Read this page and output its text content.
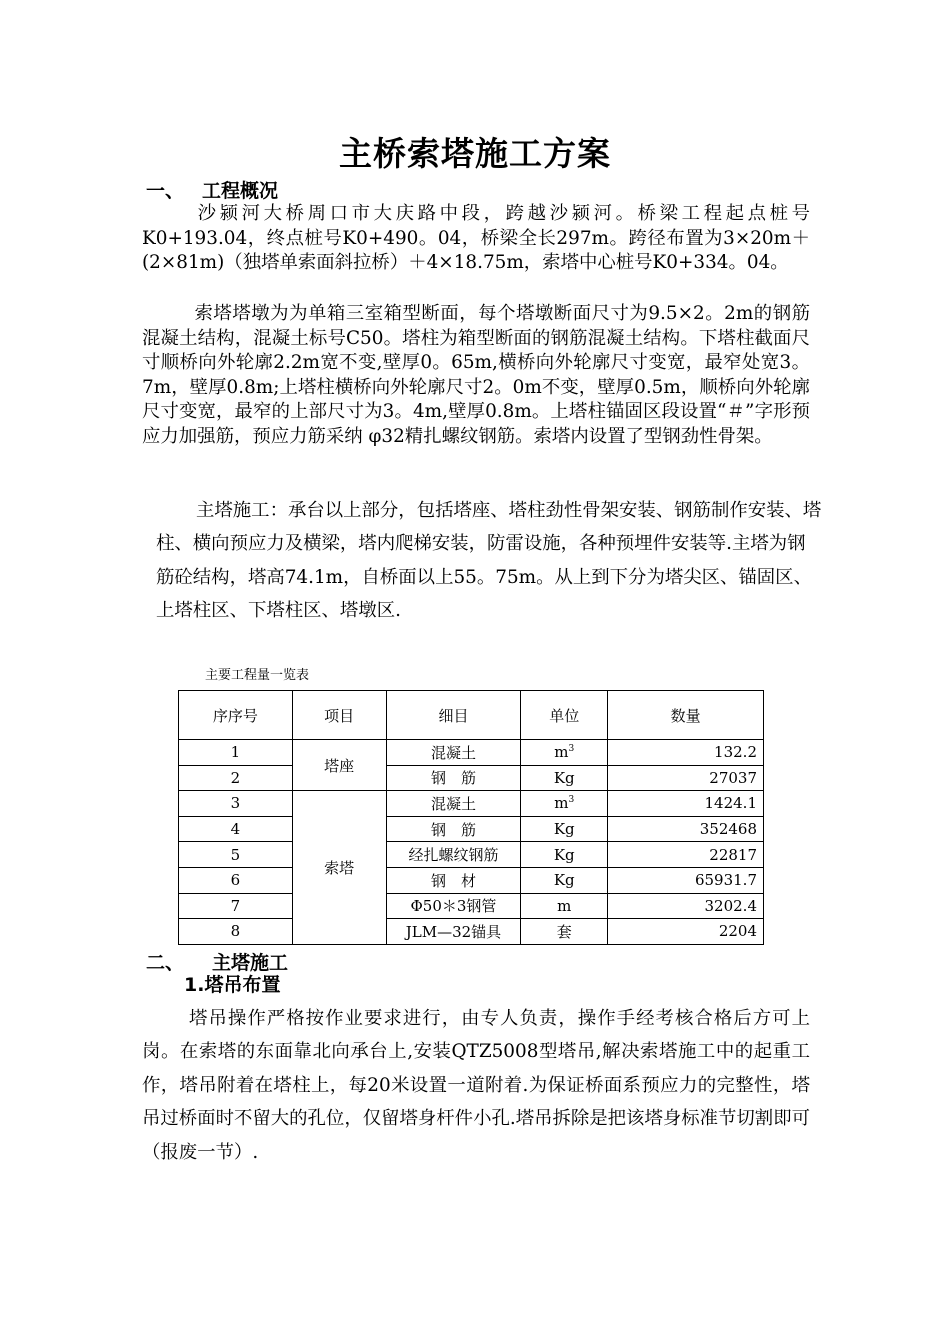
主桥索塔施工方案
一、 工程概况

沙颍河大桥周口市大庆路中段，跨越沙颍河。桥梁工程起点桩号K0+193.04，终点桩号K0+490。04，桥梁全长297m。跨径布置为3×20m＋(2×81m)（独塔单索面斜拉桥）＋4×18.75m，索塔中心桩号K0+334。04。

索塔塔墩为为单箱三室箱型断面，每个塔墩断面尺寸为9.5×2。2m的钢筋混凝土结构，混凝土标号C50。塔柱为箱型断面的钢筋混凝土结构。下塔柱截面尺寸顺桥向外轮廓2.2m宽不变,壁厚0。65m,横桥向外轮廓尺寸变宽，最窄处宽3。7m，壁厚0.8m;上塔柱横桥向外轮廓尺寸2。0m不变，壁厚0.5m，顺桥向外轮廓尺寸变宽，最窄的上部尺寸为3。4m,壁厚0.8m。上塔柱锚固区段设置“＃”字形预应力加强筋，预应力筋采纳 φ32精扎螺纹钢筋。索塔内设置了型钢劲性骨架。

主塔施工：承台以上部分，包括塔座、塔柱劲性骨架安装、钢筋制作安装、塔柱、横向预应力及横梁，塔内爬梯安装，防雷设施，各种预埋件安装等.主塔为钢筋砼结构，塔高74.1m，自桥面以上55。75m。从上到下分为塔尖区、锚固区、上塔柱区、下塔柱区、塔墩区.

主要工程量一览表
序序号	项目	细目	单位	数量
1	塔座	混凝土	$m^3$	132.2
2		钢　筋	Kg	27037
3	索塔	混凝土	$m^3$	1424.1
4		钢　筋	Kg	352468
5		经扎螺纹钢筋	Kg	22817
6		钢　材	Kg	65931.7
7		Φ50＊3钢管	m	3202.4
8		JLM—32锚具	套	2204
二、 主塔施工
1.塔吊布置

塔吊操作严格按作业要求进行，由专人负责，操作手经考核合格后方可上岗。在索塔的东面靠北向承台上,安装QTZ5008型塔吊,解决索塔施工中的起重工作，塔吊附着在塔柱上，每20米设置一道附着.为保证桥面系预应力的完整性，塔吊过桥面时不留大的孔位，仅留塔身杆件小孔.塔吊拆除是把该塔身标准节切割即可（报废一节）.
